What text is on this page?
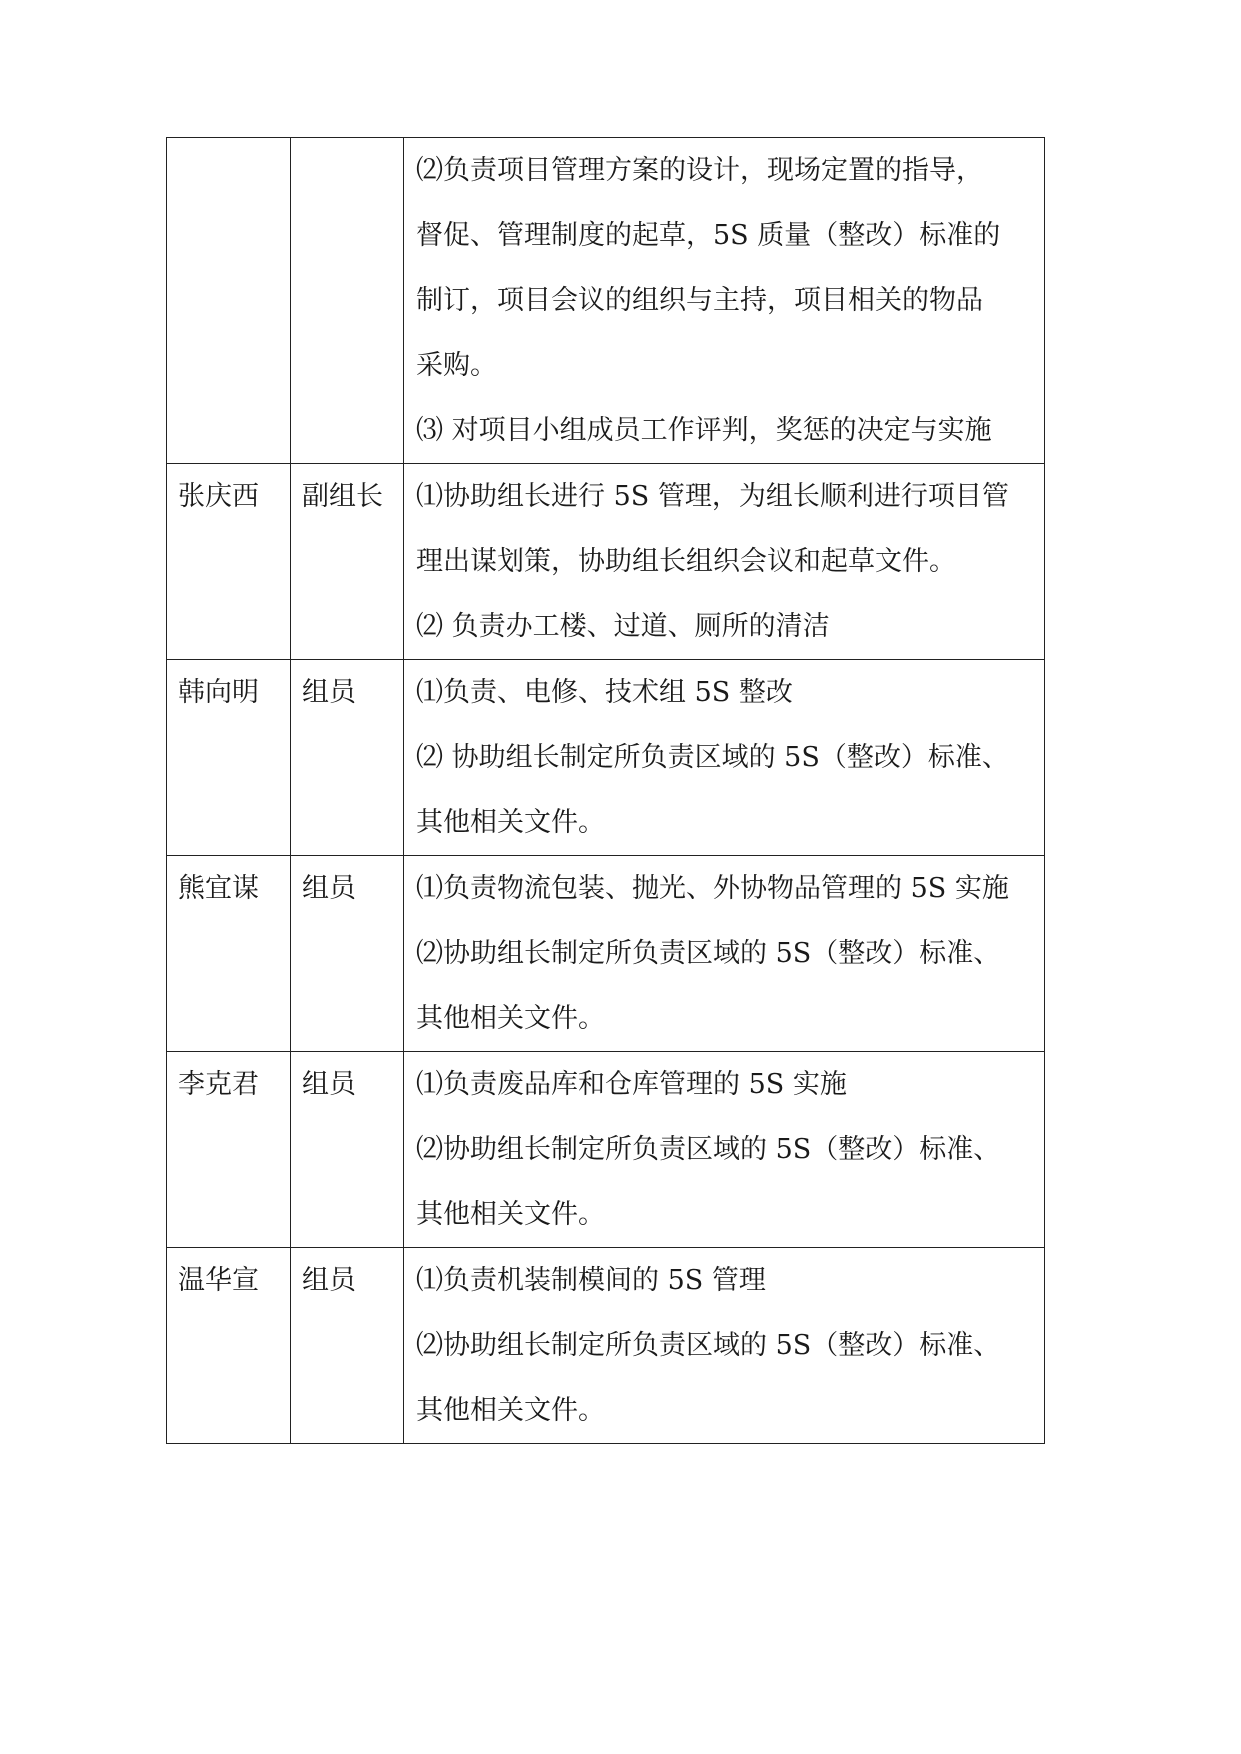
		⑵负责项目管理方案的设计，现场定置的指导，
督促、管理制度的起草，5S 质量（整改）标准的
制订，项目会议的组织与主持，项目相关的物品
采购。
⑶ 对项目小组成员工作评判，奖惩的决定与实施

张庆西	副组长	⑴协助组长进行 5S 管理，为组长顺利进行项目管
理出谋划策，协助组长组织会议和起草文件。
⑵ 负责办工楼、过道、厕所的清洁

韩向明	组员	⑴负责、电修、技术组 5S 整改
⑵ 协助组长制定所负责区域的 5S（整改）标准、
其他相关文件。

熊宜谋	组员	⑴负责物流包装、抛光、外协物品管理的 5S 实施
⑵协助组长制定所负责区域的 5S（整改）标准、
其他相关文件。

李克君	组员	⑴负责废品库和仓库管理的 5S 实施
⑵协助组长制定所负责区域的 5S（整改）标准、
其他相关文件。

温华宣	组员	⑴负责机装制模间的 5S 管理
⑵协助组长制定所负责区域的 5S（整改）标准、
其他相关文件。
